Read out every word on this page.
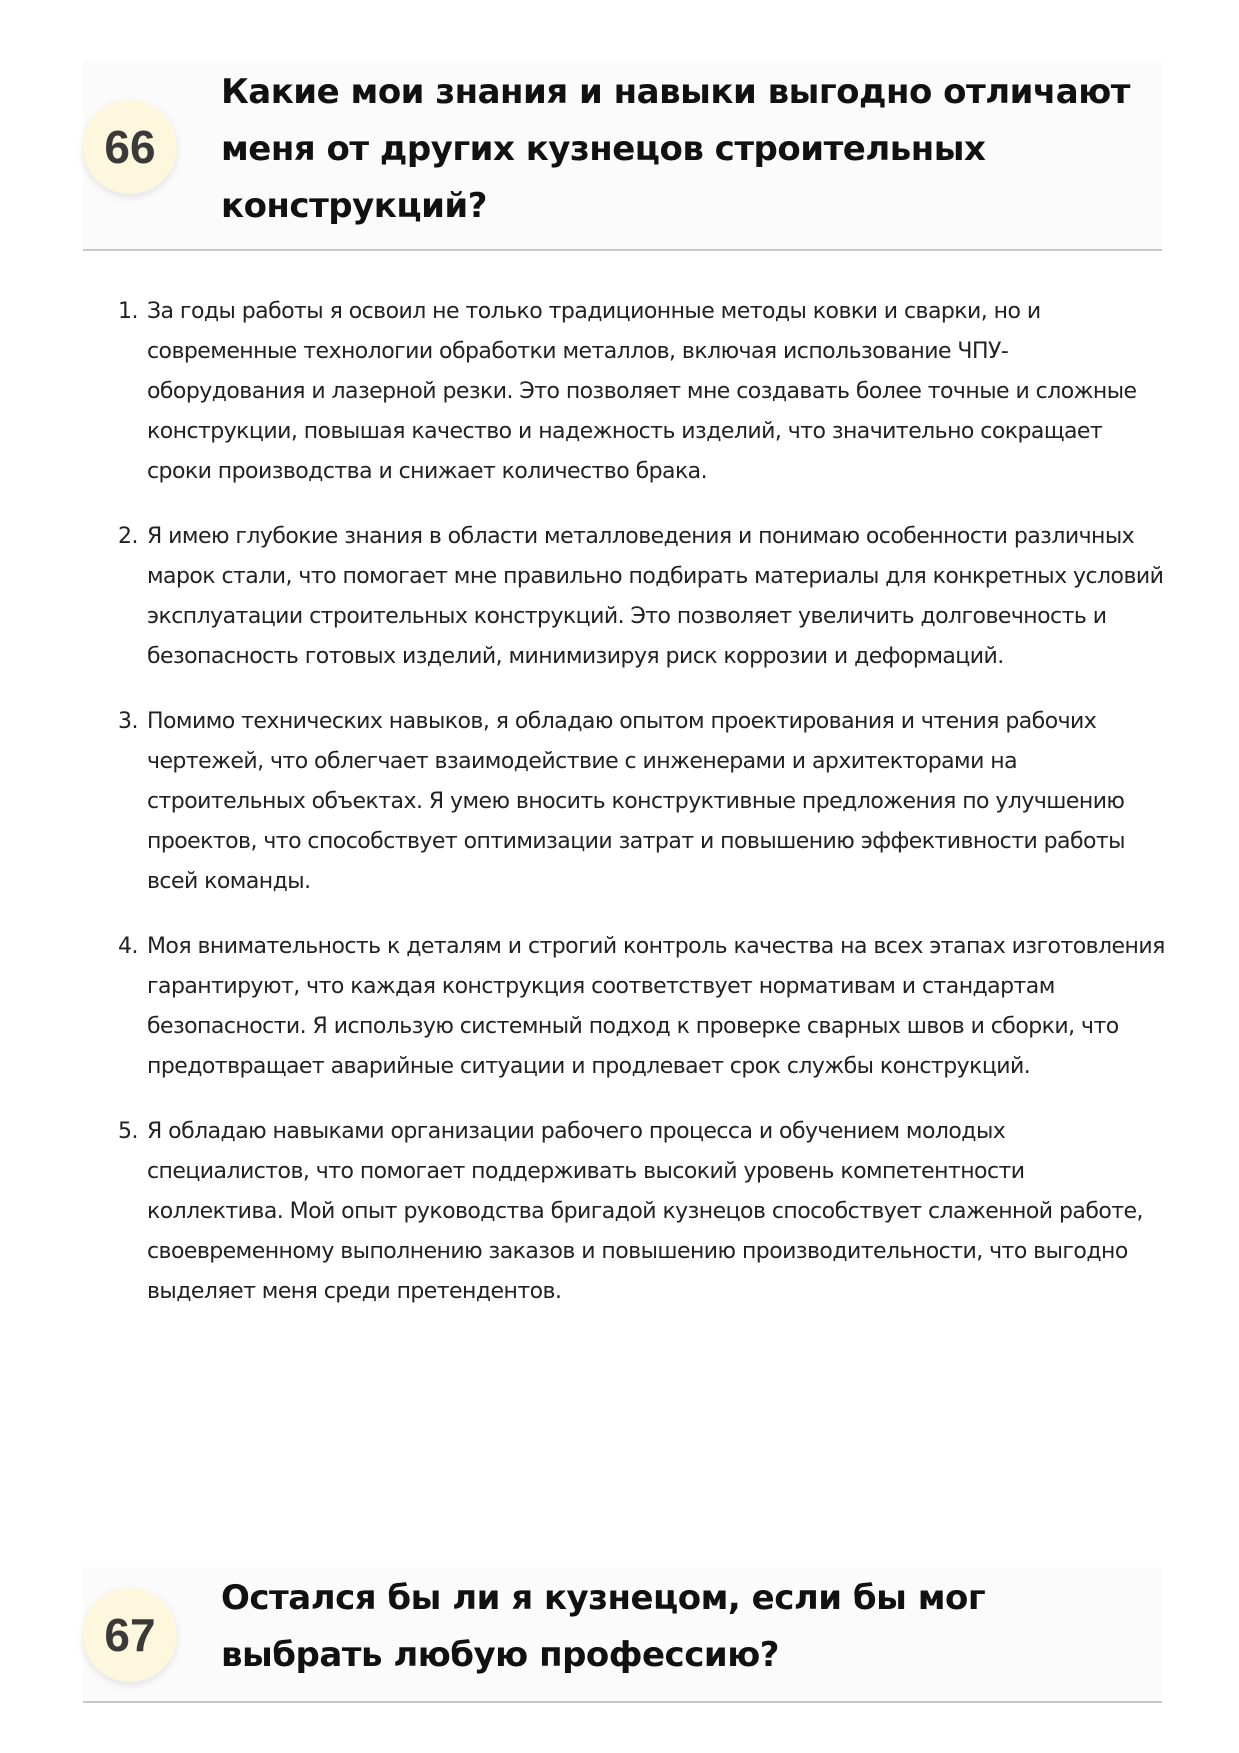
Какие мои знания и навыки выгодно отличают меня от других кузнецов строительных конструкций?
66
1. За годы работы я освоил не только традиционные методы ковки и сварки, но и современные технологии обработки металлов, включая использование ЧПУ-оборудования и лазерной резки. Это позволяет мне создавать более точные и сложные конструкции, повышая качество и надежность изделий, что значительно сокращает сроки производства и снижает количество брака.
2. Я имею глубокие знания в области металловедения и понимаю особенности различных марок стали, что помогает мне правильно подбирать материалы для конкретных условий эксплуатации строительных конструкций. Это позволяет увеличить долговечность и безопасность готовых изделий, минимизируя риск коррозии и деформаций.
3. Помимо технических навыков, я обладаю опытом проектирования и чтения рабочих чертежей, что облегчает взаимодействие с инженерами и архитекторами на строительных объектах. Я умею вносить конструктивные предложения по улучшению проектов, что способствует оптимизации затрат и повышению эффективности работы всей команды.
4. Моя внимательность к деталям и строгий контроль качества на всех этапах изготовления гарантируют, что каждая конструкция соответствует нормативам и стандартам безопасности. Я использую системный подход к проверке сварных швов и сборки, что предотвращает аварийные ситуации и продлевает срок службы конструкций.
5. Я обладаю навыками организации рабочего процесса и обучением молодых специалистов, что помогает поддерживать высокий уровень компетентности коллектива. Мой опыт руководства бригадой кузнецов способствует слаженной работе, своевременному выполнению заказов и повышению производительности, что выгодно выделяет меня среди претендентов.
Остался бы ли я кузнецом, если бы мог выбрать любую профессию?
67
